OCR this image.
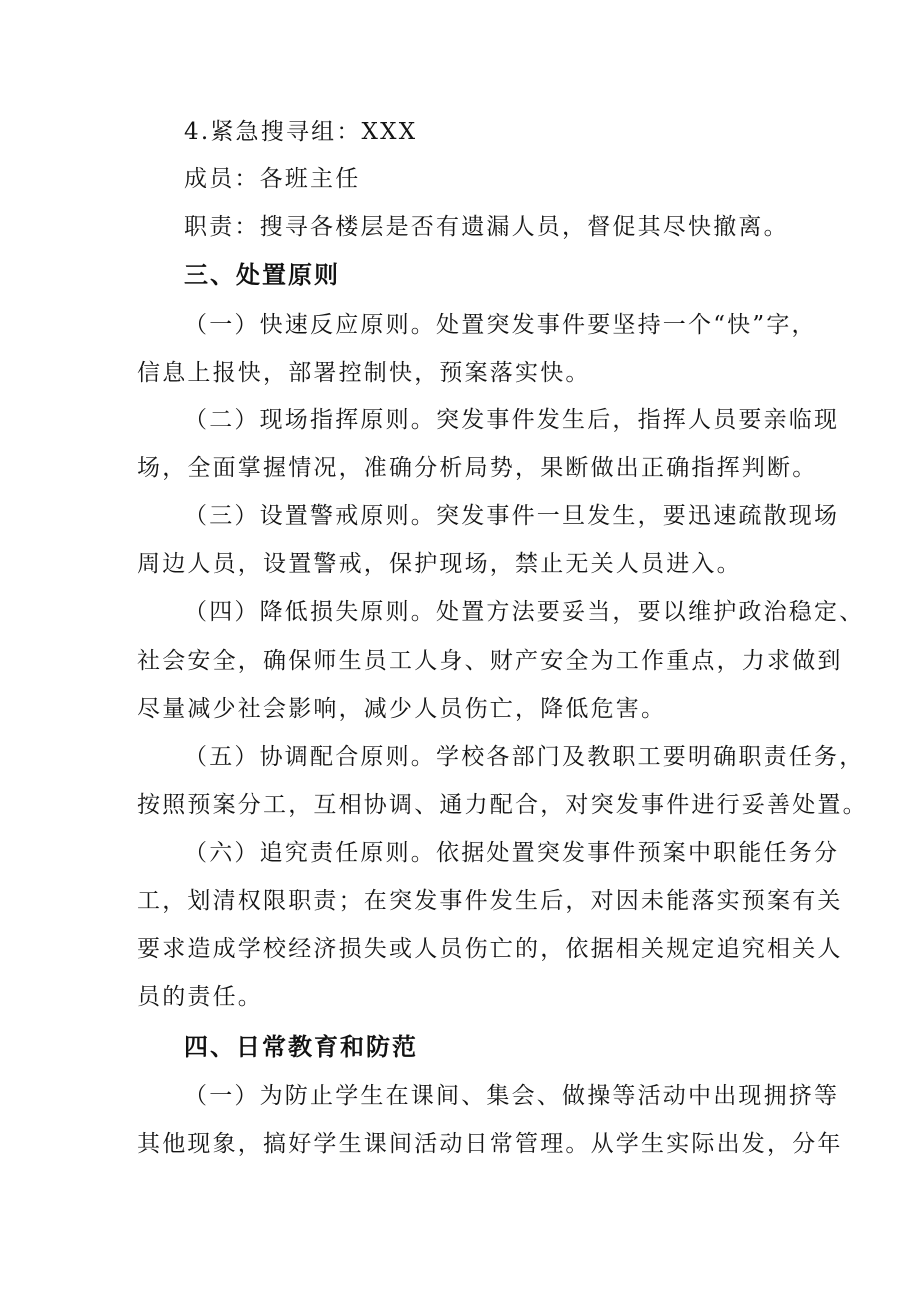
4.紧急搜寻组：XXX
成员：各班主任
职责：搜寻各楼层是否有遗漏人员，督促其尽快撤离。
三、处置原则
（一）快速反应原则。处置突发事件要坚持一个“快”字，
信息上报快，部署控制快，预案落实快。
（二）现场指挥原则。突发事件发生后，指挥人员要亲临现
场，全面掌握情况，准确分析局势，果断做出正确指挥判断。
（三）设置警戒原则。突发事件一旦发生，要迅速疏散现场
周边人员，设置警戒，保护现场，禁止无关人员进入。
（四）降低损失原则。处置方法要妥当，要以维护政治稳定、
社会安全，确保师生员工人身、财产安全为工作重点，力求做到
尽量减少社会影响，减少人员伤亡，降低危害。
（五）协调配合原则。学校各部门及教职工要明确职责任务，
按照预案分工，互相协调、通力配合，对突发事件进行妥善处置。
（六）追究责任原则。依据处置突发事件预案中职能任务分
工，划清权限职责；在突发事件发生后，对因未能落实预案有关
要求造成学校经济损失或人员伤亡的，依据相关规定追究相关人
员的责任。
四、日常教育和防范
（一）为防止学生在课间、集会、做操等活动中出现拥挤等
其他现象，搞好学生课间活动日常管理。从学生实际出发，分年
